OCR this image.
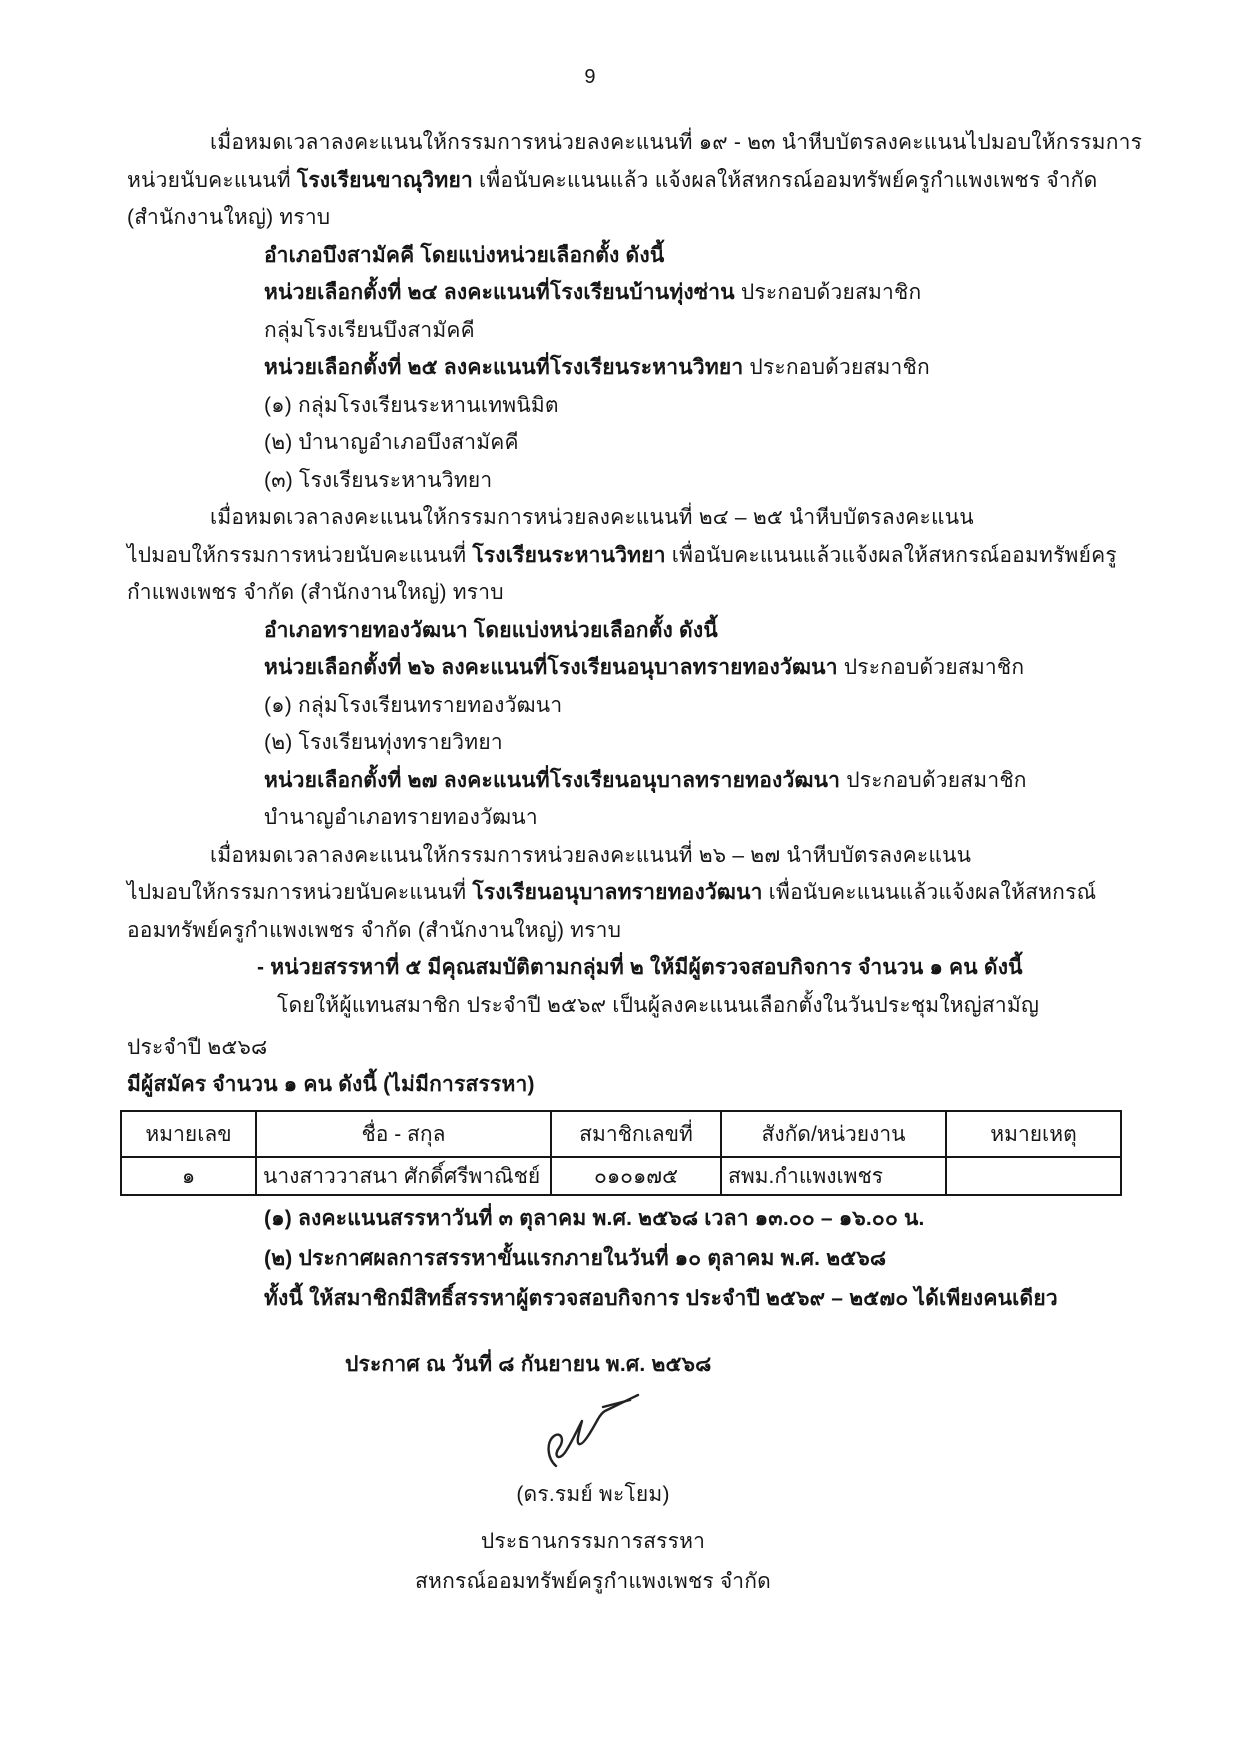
9
เมื่อหมดเวลาลงคะแนนให้กรรมการหน่วยลงคะแนนที่ ๑๙ - ๒๓ นำหีบบัตรลงคะแนนไปมอบให้กรรมการ
หน่วยนับคะแนนที่ โรงเรียนขาณุวิทยา เพื่อนับคะแนนแล้ว แจ้งผลให้สหกรณ์ออมทรัพย์ครูกำแพงเพชร จำกัด
(สำนักงานใหญ่) ทราบ
อำเภอบึงสามัคคี โดยแบ่งหน่วยเลือกตั้ง ดังนี้
หน่วยเลือกตั้งที่ ๒๔ ลงคะแนนที่โรงเรียนบ้านทุ่งซ่าน ประกอบด้วยสมาชิก
กลุ่มโรงเรียนบึงสามัคคี
หน่วยเลือกตั้งที่ ๒๕ ลงคะแนนที่โรงเรียนระหานวิทยา ประกอบด้วยสมาชิก
(๑) กลุ่มโรงเรียนระหานเทพนิมิต
(๒) บำนาญอำเภอบึงสามัคคี
(๓) โรงเรียนระหานวิทยา
เมื่อหมดเวลาลงคะแนนให้กรรมการหน่วยลงคะแนนที่ ๒๔ – ๒๕ นำหีบบัตรลงคะแนน
ไปมอบให้กรรมการหน่วยนับคะแนนที่ โรงเรียนระหานวิทยา เพื่อนับคะแนนแล้วแจ้งผลให้สหกรณ์ออมทรัพย์ครู
กำแพงเพชร จำกัด (สำนักงานใหญ่) ทราบ
อำเภอทรายทองวัฒนา โดยแบ่งหน่วยเลือกตั้ง ดังนี้
หน่วยเลือกตั้งที่ ๒๖ ลงคะแนนที่โรงเรียนอนุบาลทรายทองวัฒนา ประกอบด้วยสมาชิก
(๑) กลุ่มโรงเรียนทรายทองวัฒนา
(๒) โรงเรียนทุ่งทรายวิทยา
หน่วยเลือกตั้งที่ ๒๗ ลงคะแนนที่โรงเรียนอนุบาลทรายทองวัฒนา ประกอบด้วยสมาชิก
บำนาญอำเภอทรายทองวัฒนา
เมื่อหมดเวลาลงคะแนนให้กรรมการหน่วยลงคะแนนที่ ๒๖ – ๒๗ นำหีบบัตรลงคะแนน
ไปมอบให้กรรมการหน่วยนับคะแนนที่ โรงเรียนอนุบาลทรายทองวัฒนา เพื่อนับคะแนนแล้วแจ้งผลให้สหกรณ์
ออมทรัพย์ครูกำแพงเพชร จำกัด (สำนักงานใหญ่) ทราบ
- หน่วยสรรหาที่ ๕ มีคุณสมบัติตามกลุ่มที่ ๒ ให้มีผู้ตรวจสอบกิจการ จำนวน ๑ คน ดังนี้
โดยให้ผู้แทนสมาชิก ประจำปี ๒๕๖๙ เป็นผู้ลงคะแนนเลือกตั้งในวันประชุมใหญ่สามัญ
ประจำปี ๒๕๖๘
มีผู้สมัคร จำนวน ๑ คน ดังนี้ (ไม่มีการสรรหา)
หมายเลข	ชื่อ - สกุล	สมาชิกเลขที่	สังกัด/หน่วยงาน	หมายเหตุ
๑	นางสาววาสนา ศักดิ์ศรีพาณิชย์	๐๑๐๑๗๕	สพม.กำแพงเพชร	
(๑) ลงคะแนนสรรหาวันที่ ๓ ตุลาคม พ.ศ. ๒๕๖๘ เวลา ๑๓.๐๐ – ๑๖.๐๐ น.
(๒) ประกาศผลการสรรหาขั้นแรกภายในวันที่ ๑๐ ตุลาคม พ.ศ. ๒๕๖๘
ทั้งนี้ ให้สมาชิกมีสิทธิ์สรรหาผู้ตรวจสอบกิจการ ประจำปี ๒๕๖๙ – ๒๕๗๐ ได้เพียงคนเดียว
ประกาศ ณ วันที่ ๘ กันยายน พ.ศ. ๒๕๖๘
(ดร.รมย์ พะโยม)
ประธานกรรมการสรรหา
สหกรณ์ออมทรัพย์ครูกำแพงเพชร จำกัด
